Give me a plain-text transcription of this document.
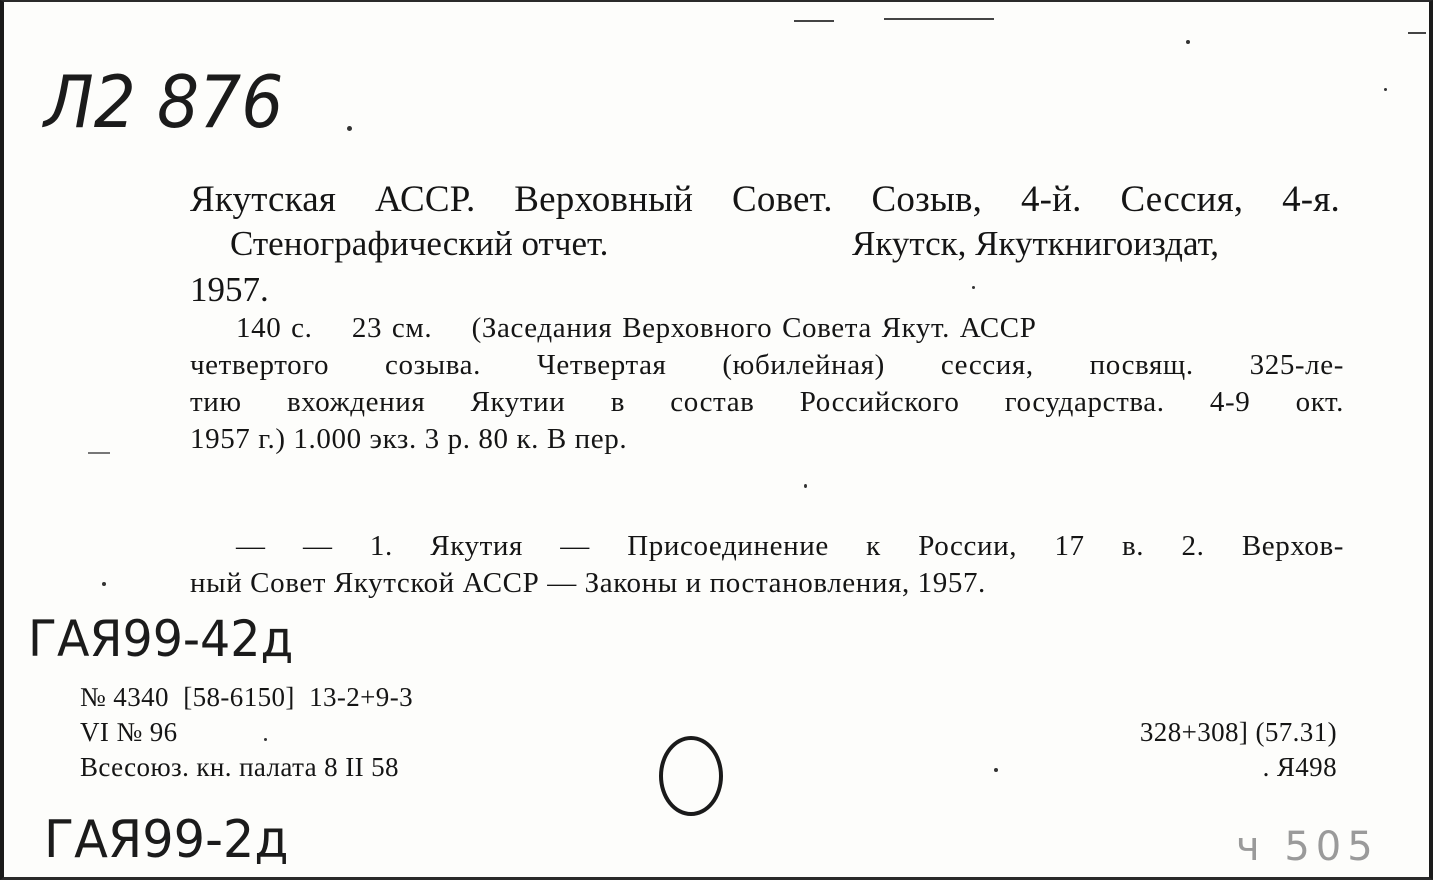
Л2 876
Якутская АССР. Верховный Совет. Созыв, 4-й. Сессия, 4-я.
Стенографический отчет.	Якутск, Якуткнигоиздат,
1957.
140 с.    23 см.    (Заседания Верховного Совета Якут. АССР
четвертого созыва. Четвертая (юбилейная) сессия, посвящ. 325-ле-
тию вхождения Якутии в состав Российского государства. 4-9 окт.
1957 г.) 1.000 экз. 3 р. 80 к. В пер.
— — 1. Якутия — Присоединение к России, 17 в. 2. Верхов-
ный Совет Якутской АССР — Законы и постановления, 1957.
ГАЯ99-42д
№ 4340  [58-6150]  13-2+9-3
VI № 96
Всесоюз. кн. палата 8 II 58
328+308] (57.31)
. Я498
ГАЯ99-2д	ч 505
